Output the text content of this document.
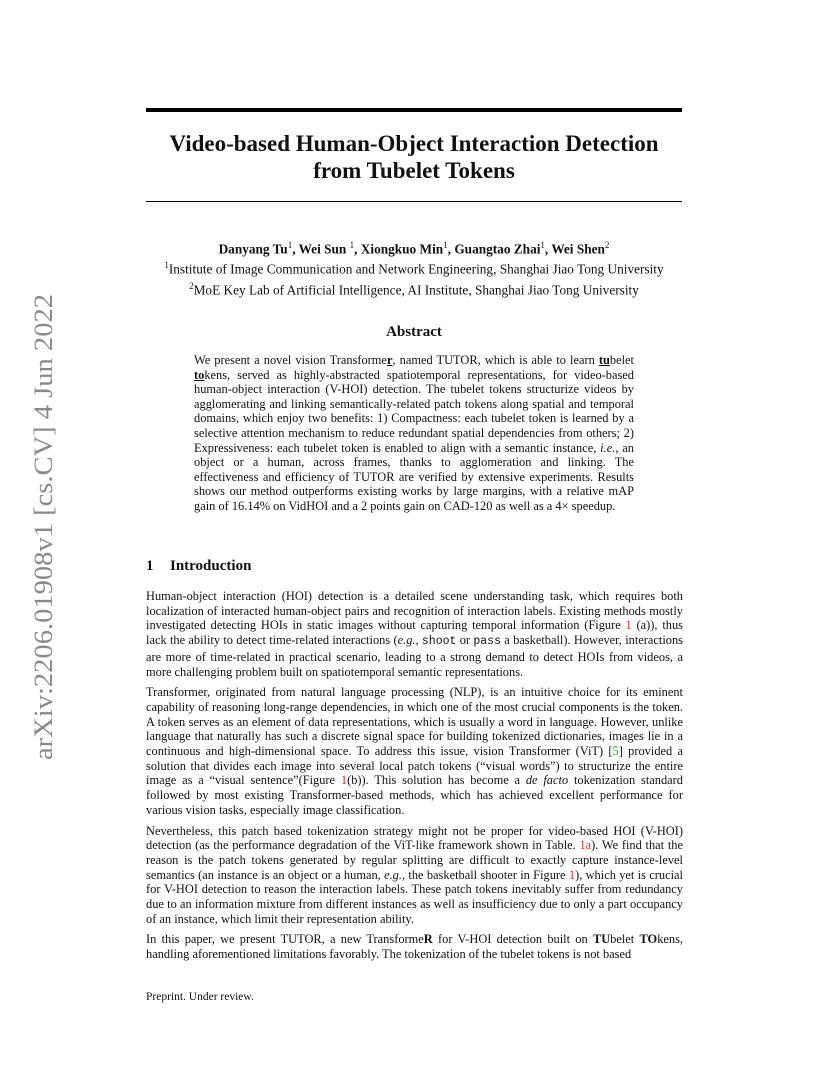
arXiv:2206.01908v1 [cs.CV] 4 Jun 2022
Video-based Human-Object Interaction Detection
from Tubelet Tokens
Danyang Tu$^1$, Wei Sun $^1$, Xiongkuo Min$^1$, Guangtao Zhai$^1$, Wei Shen$^2$
$^1$Institute of Image Communication and Network Engineering, Shanghai Jiao Tong University
$^2$MoE Key Lab of Artificial Intelligence, AI Institute, Shanghai Jiao Tong University
Abstract

We present a novel vision Transformer, named TUTOR, which is able to learn tubelet tokens, served as highly-abstracted spatiotemporal representations, for video-based human-object interaction (V-HOI) detection. The tubelet tokens structurize videos by agglomerating and linking semantically-related patch tokens along spatial and temporal domains, which enjoy two benefits: 1) Compactness: each tubelet token is learned by a selective attention mechanism to reduce redundant spatial dependencies from others; 2) Expressiveness: each tubelet token is enabled to align with a semantic instance, i.e., an object or a human, across frames, thanks to agglomeration and linking. The effectiveness and efficiency of TUTOR are verified by extensive experiments. Results shows our method outperforms existing works by large margins, with a relative mAP gain of 16.14% on VidHOI and a 2 points gain on CAD-120 as well as a 4× speedup.

1 Introduction

Human-object interaction (HOI) detection is a detailed scene understanding task, which requires both localization of interacted human-object pairs and recognition of interaction labels. Existing methods mostly investigated detecting HOIs in static images without capturing temporal information (Figure 1 (a)), thus lack the ability to detect time-related interactions (e.g., shoot or pass a basketball). However, interactions are more of time-related in practical scenario, leading to a strong demand to detect HOIs from videos, a more challenging problem built on spatiotemporal semantic representations.

Transformer, originated from natural language processing (NLP), is an intuitive choice for its eminent capability of reasoning long-range dependencies, in which one of the most crucial components is the token. A token serves as an element of data representations, which is usually a word in language. However, unlike language that naturally has such a discrete signal space for building tokenized dictionaries, images lie in a continuous and high-dimensional space. To address this issue, vision Transformer (ViT) [5] provided a solution that divides each image into several local patch tokens (“visual words”) to structurize the entire image as a “visual sentence”(Figure 1(b)). This solution has become a de facto tokenization standard followed by most existing Transformer-based methods, which has achieved excellent performance for various vision tasks, especially image classification.

Nevertheless, this patch based tokenization strategy might not be proper for video-based HOI (V-HOI) detection (as the performance degradation of the ViT-like framework shown in Table. 1a). We find that the reason is the patch tokens generated by regular splitting are difficult to exactly capture instance-level semantics (an instance is an object or a human, e.g., the basketball shooter in Figure 1), which yet is crucial for V-HOI detection to reason the interaction labels. These patch tokens inevitably suffer from redundancy due to an information mixture from different instances as well as insufficiency due to only a part occupancy of an instance, which limit their representation ability.

In this paper, we present TUTOR, a new TransformeR for V-HOI detection built on TUbelet TOkens, handling aforementioned limitations favorably. The tokenization of the tubelet tokens is not based

Preprint. Under review.
